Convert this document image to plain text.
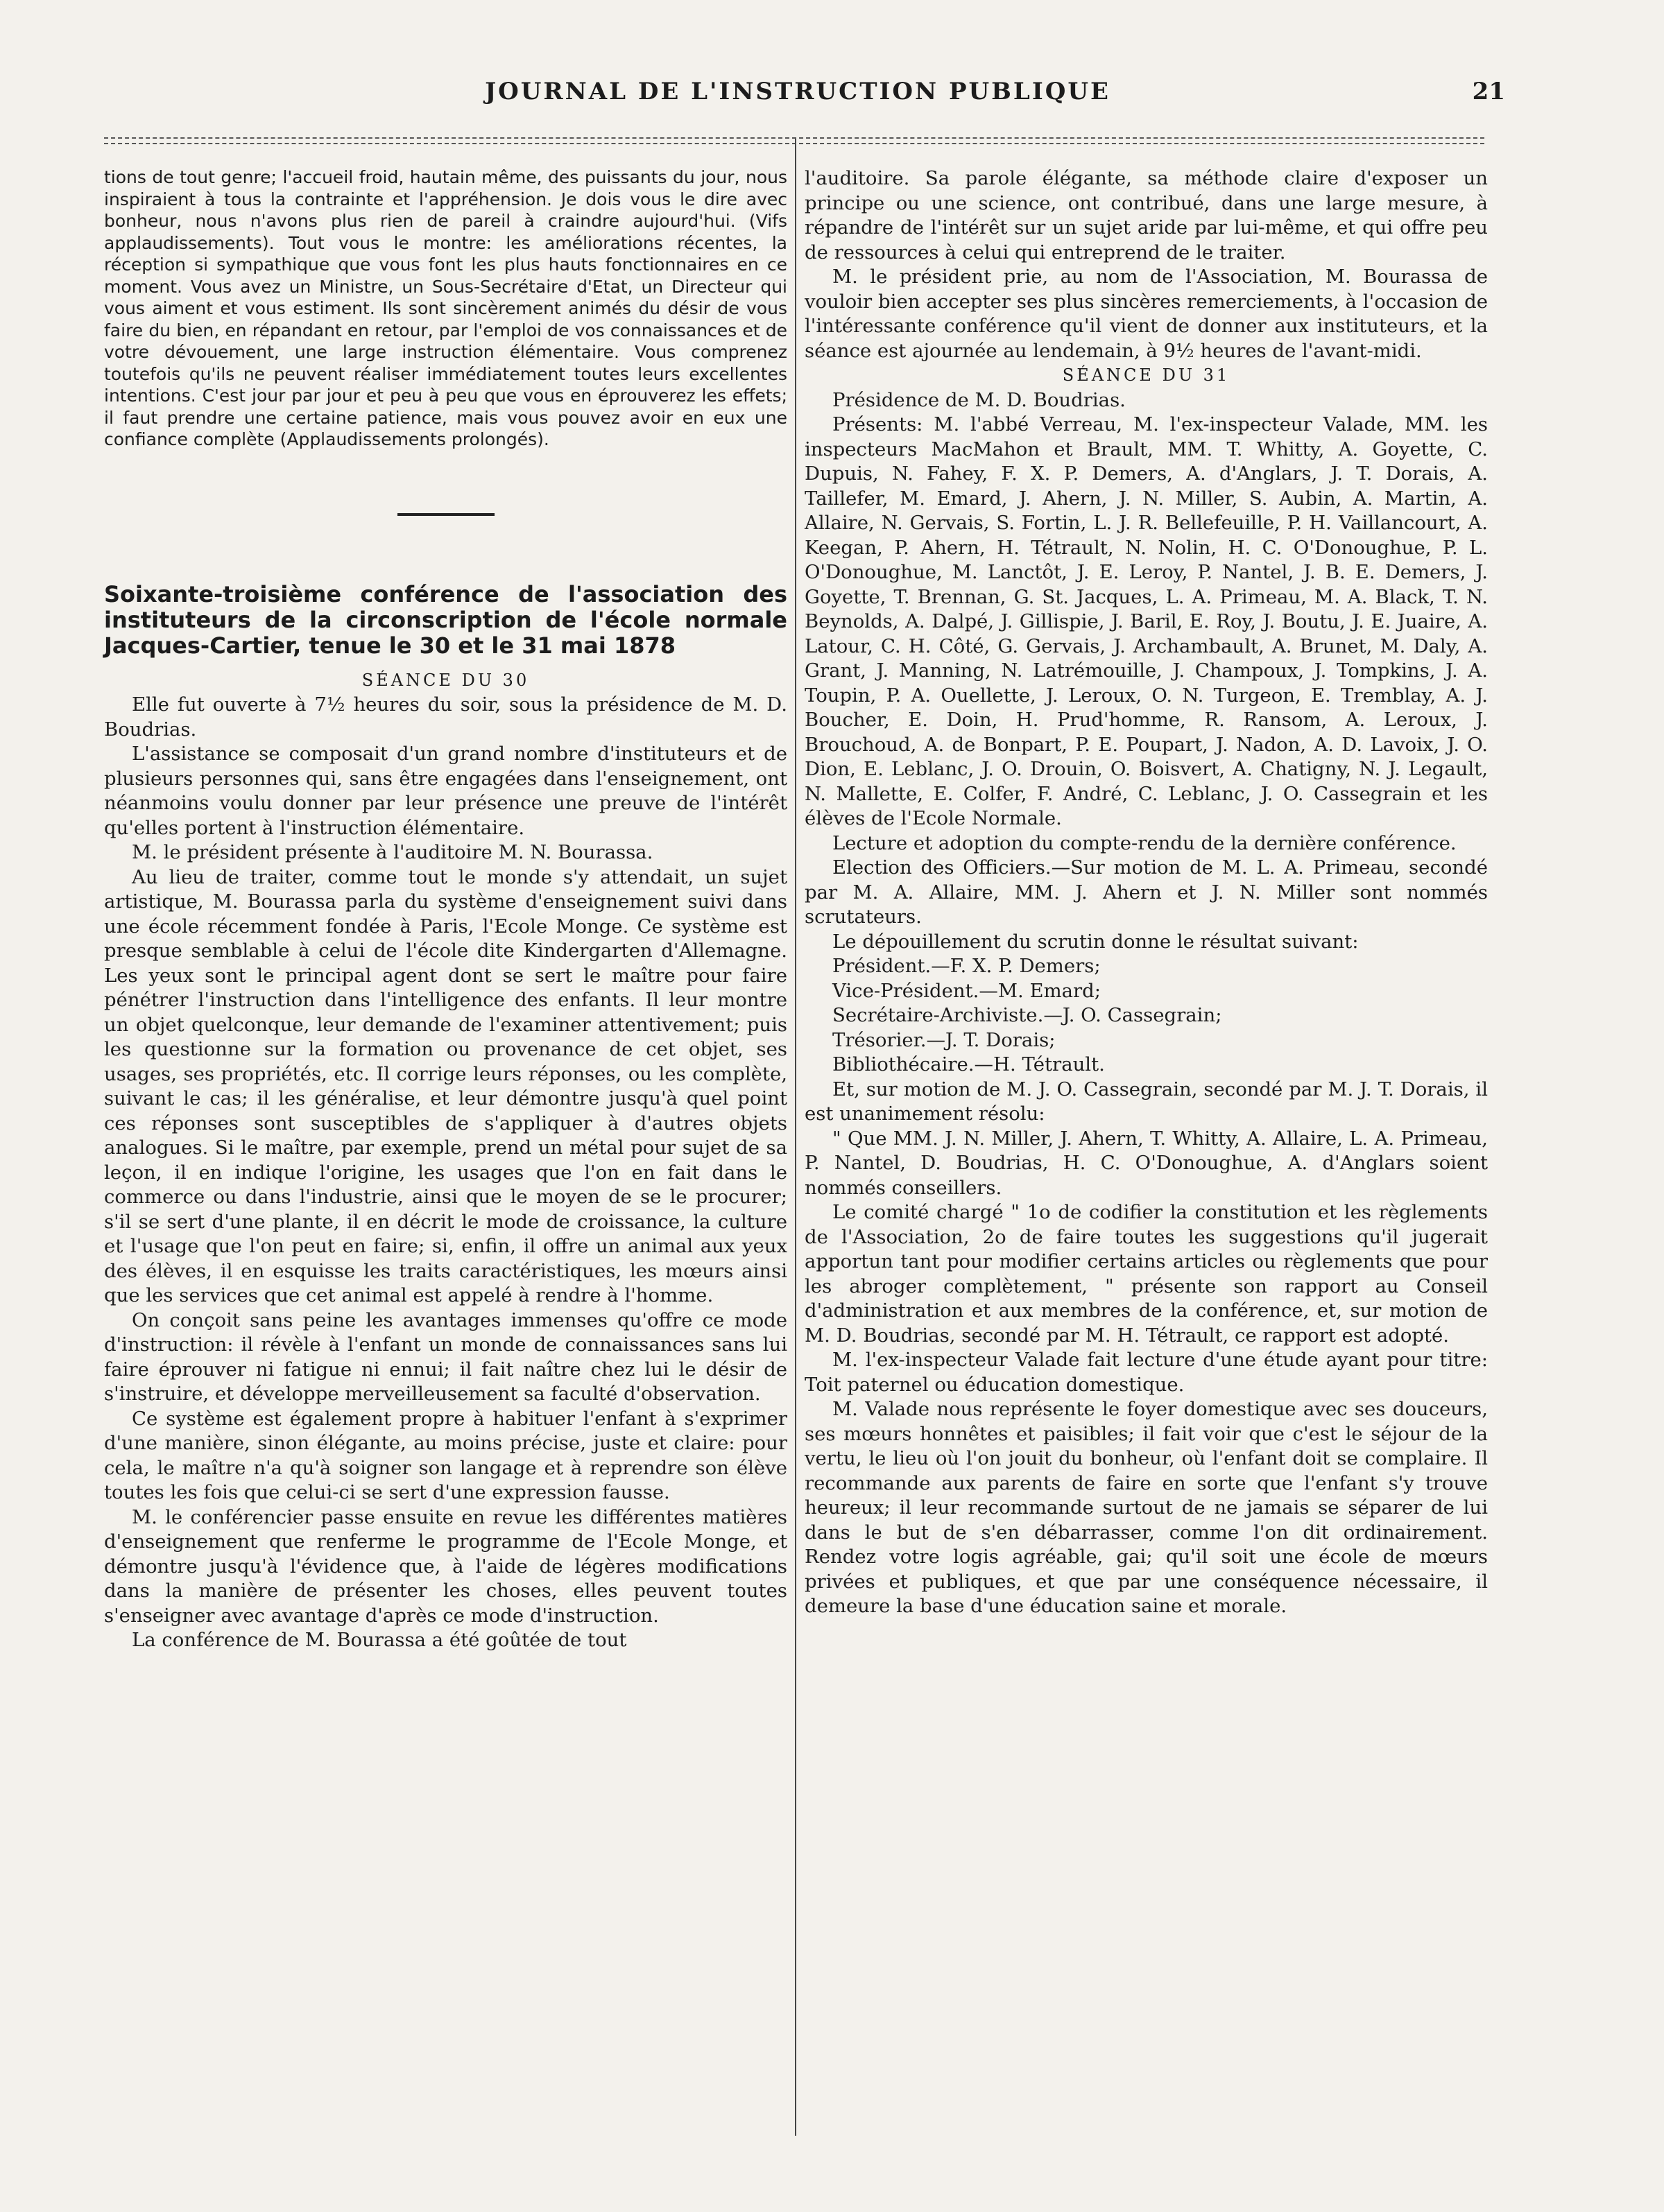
JOURNAL DE L'INSTRUCTION PUBLIQUE	21

tions de tout genre; l'accueil froid, hautain même, des puissants du jour, nous inspiraient à tous la contrainte et l'appréhension. Je dois vous le dire avec bonheur, nous n'avons plus rien de pareil à craindre aujourd'hui. (Vifs applaudissements). Tout vous le montre: les améliorations récentes, la réception si sympathique que vous font les plus hauts fonctionnaires en ce moment. Vous avez un Ministre, un Sous-Secrétaire d'Etat, un Directeur qui vous aiment et vous estiment. Ils sont sincèrement animés du désir de vous faire du bien, en répandant en retour, par l'emploi de vos connaissances et de votre dévouement, une large instruction élémentaire. Vous comprenez toutefois qu'ils ne peuvent réaliser immédiatement toutes leurs excellentes intentions. C'est jour par jour et peu à peu que vous en éprouverez les effets; il faut prendre une certaine patience, mais vous pouvez avoir en eux une confiance complète (Applaudissements prolongés).

Soixante-troisième conférence de l'association des instituteurs de la circonscription de l'école normale Jacques-Cartier, tenue le 30 et le 31 mai 1878

SÉANCE DU 30

Elle fut ouverte à 7½ heures du soir, sous la présidence de M. D. Boudrias.

L'assistance se composait d'un grand nombre d'instituteurs et de plusieurs personnes qui, sans être engagées dans l'enseignement, ont néanmoins voulu donner par leur présence une preuve de l'intérêt qu'elles portent à l'instruction élémentaire.

M. le président présente à l'auditoire M. N. Bourassa.

Au lieu de traiter, comme tout le monde s'y attendait, un sujet artistique, M. Bourassa parla du système d'enseignement suivi dans une école récemment fondée à Paris, l'Ecole Monge. Ce système est presque semblable à celui de l'école dite Kindergarten d'Allemagne. Les yeux sont le principal agent dont se sert le maître pour faire pénétrer l'instruction dans l'intelligence des enfants. Il leur montre un objet quelconque, leur demande de l'examiner attentivement; puis les questionne sur la formation ou provenance de cet objet, ses usages, ses propriétés, etc. Il corrige leurs réponses, ou les complète, suivant le cas; il les généralise, et leur démontre jusqu'à quel point ces réponses sont susceptibles de s'appliquer à d'autres objets analogues. Si le maître, par exemple, prend un métal pour sujet de sa leçon, il en indique l'origine, les usages que l'on en fait dans le commerce ou dans l'industrie, ainsi que le moyen de se le procurer; s'il se sert d'une plante, il en décrit le mode de croissance, la culture et l'usage que l'on peut en faire; si, enfin, il offre un animal aux yeux des élèves, il en esquisse les traits caractéristiques, les mœurs ainsi que les services que cet animal est appelé à rendre à l'homme.

On conçoit sans peine les avantages immenses qu'offre ce mode d'instruction: il révèle à l'enfant un monde de connaissances sans lui faire éprouver ni fatigue ni ennui; il fait naître chez lui le désir de s'instruire, et développe merveilleusement sa faculté d'observation.

Ce système est également propre à habituer l'enfant à s'exprimer d'une manière, sinon élégante, au moins précise, juste et claire: pour cela, le maître n'a qu'à soigner son langage et à reprendre son élève toutes les fois que celui-ci se sert d'une expression fausse.

M. le conférencier passe ensuite en revue les différentes matières d'enseignement que renferme le programme de l'Ecole Monge, et démontre jusqu'à l'évidence que, à l'aide de légères modifications dans la manière de présenter les choses, elles peuvent toutes s'enseigner avec avantage d'après ce mode d'instruction.

La conférence de M. Bourassa a été goûtée de tout

l'auditoire. Sa parole élégante, sa méthode claire d'exposer un principe ou une science, ont contribué, dans une large mesure, à répandre de l'intérêt sur un sujet aride par lui-même, et qui offre peu de ressources à celui qui entreprend de le traiter.

M. le président prie, au nom de l'Association, M. Bourassa de vouloir bien accepter ses plus sincères remerciements, à l'occasion de l'intéressante conférence qu'il vient de donner aux instituteurs, et la séance est ajournée au lendemain, à 9½ heures de l'avant-midi.

SÉANCE DU 31

Présidence de M. D. Boudrias.

Présents: M. l'abbé Verreau, M. l'ex-inspecteur Valade, MM. les inspecteurs MacMahon et Brault, MM. T. Whitty, A. Goyette, C. Dupuis, N. Fahey, F. X. P. Demers, A. d'Anglars, J. T. Dorais, A. Taillefer, M. Emard, J. Ahern, J. N. Miller, S. Aubin, A. Martin, A. Allaire, N. Gervais, S. Fortin, L. J. R. Bellefeuille, P. H. Vaillancourt, A. Keegan, P. Ahern, H. Tétrault, N. Nolin, H. C. O'Donoughue, P. L. O'Donoughue, M. Lanctôt, J. E. Leroy, P. Nantel, J. B. E. Demers, J. Goyette, T. Brennan, G. St. Jacques, L. A. Primeau, M. A. Black, T. N. Beynolds, A. Dalpé, J. Gillispie, J. Baril, E. Roy, J. Boutu, J. E. Juaire, A. Latour, C. H. Côté, G. Gervais, J. Archambault, A. Brunet, M. Daly, A. Grant, J. Manning, N. Latrémouille, J. Champoux, J. Tompkins, J. A. Toupin, P. A. Ouellette, J. Leroux, O. N. Turgeon, E. Tremblay, A. J. Boucher, E. Doin, H. Prud'homme, R. Ransom, A. Leroux, J. Brouchoud, A. de Bonpart, P. E. Poupart, J. Nadon, A. D. Lavoix, J. O. Dion, E. Leblanc, J. O. Drouin, O. Boisvert, A. Chatigny, N. J. Legault, N. Mallette, E. Colfer, F. André, C. Leblanc, J. O. Cassegrain et les élèves de l'Ecole Normale.

Lecture et adoption du compte-rendu de la dernière conférence.

Election des Officiers.—Sur motion de M. L. A. Primeau, secondé par M. A. Allaire, MM. J. Ahern et J. N. Miller sont nommés scrutateurs.

Le dépouillement du scrutin donne le résultat suivant:

Président.—F. X. P. Demers;

Vice-Président.—M. Emard;

Secrétaire-Archiviste.—J. O. Cassegrain;

Trésorier.—J. T. Dorais;

Bibliothécaire.—H. Tétrault.

Et, sur motion de M. J. O. Cassegrain, secondé par M. J. T. Dorais, il est unanimement résolu:

" Que MM. J. N. Miller, J. Ahern, T. Whitty, A. Allaire, L. A. Primeau, P. Nantel, D. Boudrias, H. C. O'Donoughue, A. d'Anglars soient nommés conseillers.

Le comité chargé " 1o de codifier la constitution et les règlements de l'Association, 2o de faire toutes les suggestions qu'il jugerait apportun tant pour modifier certains articles ou règlements que pour les abroger complètement, " présente son rapport au Conseil d'administration et aux membres de la conférence, et, sur motion de M. D. Boudrias, secondé par M. H. Tétrault, ce rapport est adopté.

M. l'ex-inspecteur Valade fait lecture d'une étude ayant pour titre: Toit paternel ou éducation domestique.

M. Valade nous représente le foyer domestique avec ses douceurs, ses mœurs honnêtes et paisibles; il fait voir que c'est le séjour de la vertu, le lieu où l'on jouit du bonheur, où l'enfant doit se complaire. Il recommande aux parents de faire en sorte que l'enfant s'y trouve heureux; il leur recommande surtout de ne jamais se séparer de lui dans le but de s'en débarrasser, comme l'on dit ordinairement. Rendez votre logis agréable, gai; qu'il soit une école de mœurs privées et publiques, et que par une conséquence nécessaire, il demeure la base d'une éducation saine et morale.
